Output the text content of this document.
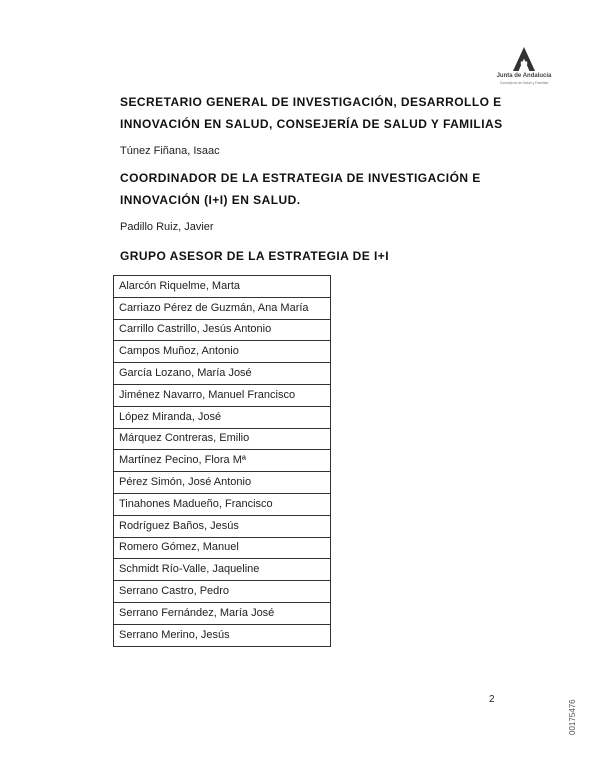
Junta de Andalucía
Consejería de Salud y Familias
SECRETARIO GENERAL DE INVESTIGACIÓN, DESARROLLO E INNOVACIÓN EN SALUD, CONSEJERÍA DE SALUD Y FAMILIAS
Túnez Fiñana, Isaac
COORDINADOR DE LA ESTRATEGIA DE INVESTIGACIÓN E INNOVACIÓN (I+I) EN SALUD.
Padillo Ruiz, Javier
GRUPO ASESOR DE LA ESTRATEGIA DE I+I
Alarcón Riquelme, Marta
Carriazo Pérez de Guzmán, Ana María
Carrillo Castrillo, Jesús Antonio
Campos Muñoz, Antonio
García Lozano, María José
Jiménez Navarro, Manuel Francisco
López Miranda, José
Márquez Contreras, Emilio
Martínez Pecino, Flora Mª
Pérez Simón, José Antonio
Tinahones Madueño, Francisco
Rodríguez Baños, Jesús
Romero Gómez, Manuel
Schmidt Río-Valle, Jaqueline
Serrano Castro, Pedro
Serrano Fernández, María José
Serrano Merino, Jesús
2	00175476
